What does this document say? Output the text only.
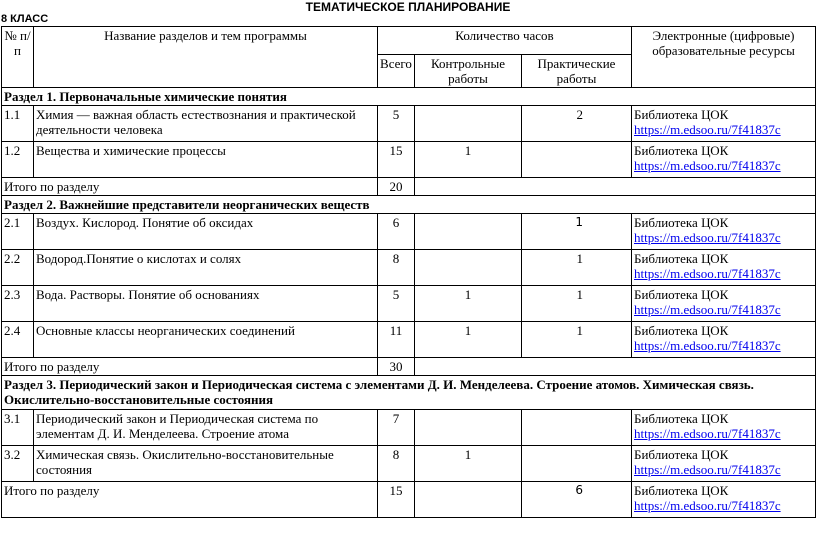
ТЕМАТИЧЕСКОЕ ПЛАНИРОВАНИЕ
8 КЛАСС
№ п/п	Название разделов и тем программы	Количество часов			Электронные (цифровые) образовательные ресурсы
		Всего	Контрольные работы	Практические работы	
Раздел 1. Первоначальные химические понятия					
1.1	Химия — важная область естествознания и практической деятельности человека	5		2	Библиотека ЦОК
https://m.edsoo.ru/7f41837c
1.2	Вещества и химические процессы	15	1		Библиотека ЦОК
https://m.edsoo.ru/7f41837c
Итого по разделу		20			
Раздел 2. Важнейшие представители неорганических веществ					
2.1	Воздух. Кислород. Понятие об оксидах	6		1	Библиотека ЦОК
https://m.edsoo.ru/7f41837c
2.2	Водород.Понятие о кислотах и солях	8		1	Библиотека ЦОК
https://m.edsoo.ru/7f41837c
2.3	Вода. Растворы. Понятие об основаниях	5	1	1	Библиотека ЦОК
https://m.edsoo.ru/7f41837c
2.4	Основные классы неорганических соединений	11	1	1	Библиотека ЦОК
https://m.edsoo.ru/7f41837c
Итого по разделу		30			
Раздел 3. Периодический закон и Периодическая система с элементами Д. И. Менделеева. Строение атомов. Химическая связь. Окислительно-восстановительные состояния					
3.1	Периодический закон и Периодическая система по элементам Д. И. Менделеева. Строение атома	7			Библиотека ЦОК
https://m.edsoo.ru/7f41837c
3.2	Химическая связь. Окислительно-восстановительные состояния	8	1		Библиотека ЦОК
https://m.edsoo.ru/7f41837c
Итого по разделу		15		6	Библиотека ЦОК
https://m.edsoo.ru/7f41837c
